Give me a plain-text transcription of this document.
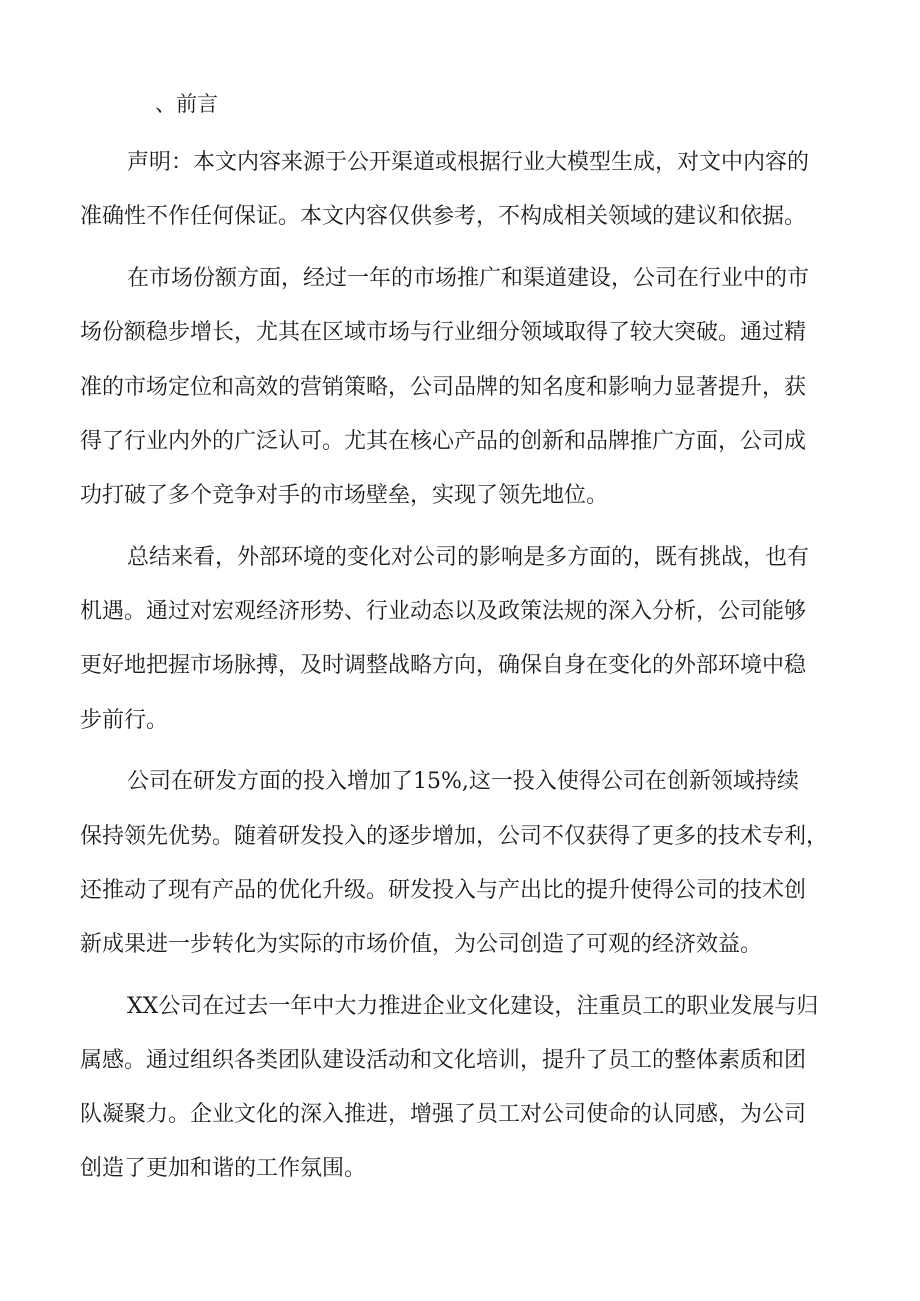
、前言
声明：本文内容来源于公开渠道或根据行业大模型生成，对文中内容的
准确性不作任何保证。本文内容仅供参考，不构成相关领域的建议和依据。
在市场份额方面，经过一年的市场推广和渠道建设，公司在行业中的市
场份额稳步增长，尤其在区域市场与行业细分领域取得了较大突破。通过精
准的市场定位和高效的营销策略，公司品牌的知名度和影响力显著提升，获
得了行业内外的广泛认可。尤其在核心产品的创新和品牌推广方面，公司成
功打破了多个竞争对手的市场壁垒，实现了领先地位。
总结来看，外部环境的变化对公司的影响是多方面的，既有挑战，也有
机遇。通过对宏观经济形势、行业动态以及政策法规的深入分析，公司能够
更好地把握市场脉搏，及时调整战略方向，确保自身在变化的外部环境中稳
步前行。
公司在研发方面的投入增加了15%,这一投入使得公司在创新领域持续
保持领先优势。随着研发投入的逐步增加，公司不仅获得了更多的技术专利，
还推动了现有产品的优化升级。研发投入与产出比的提升使得公司的技术创
新成果进一步转化为实际的市场价值，为公司创造了可观的经济效益。
XX公司在过去一年中大力推进企业文化建设，注重员工的职业发展与归
属感。通过组织各类团队建设活动和文化培训，提升了员工的整体素质和团
队凝聚力。企业文化的深入推进，增强了员工对公司使命的认同感，为公司
创造了更加和谐的工作氛围。
